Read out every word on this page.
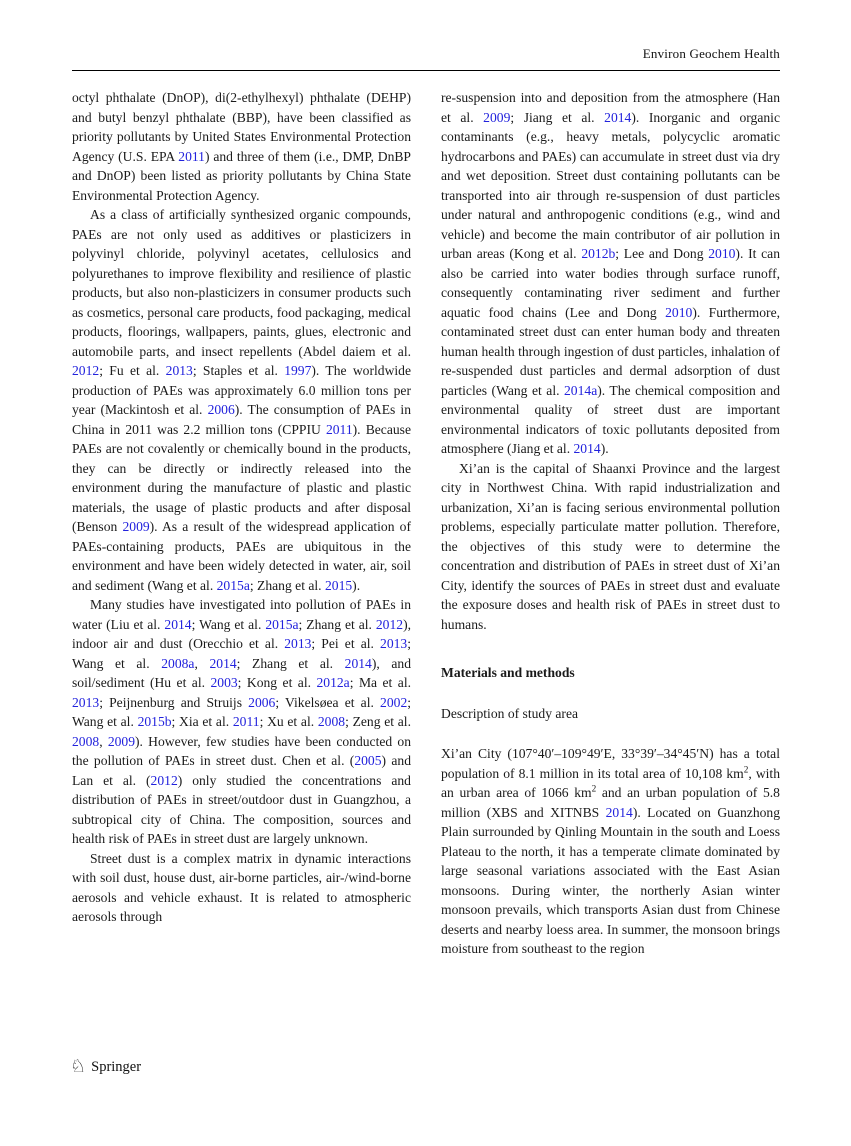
Environ Geochem Health

octyl phthalate (DnOP), di(2-ethylhexyl) phthalate (DEHP) and butyl benzyl phthalate (BBP), have been classified as priority pollutants by United States Environmental Protection Agency (U.S. EPA 2011) and three of them (i.e., DMP, DnBP and DnOP) been listed as priority pollutants by China State Environmental Protection Agency.

As a class of artificially synthesized organic compounds, PAEs are not only used as additives or plasticizers in polyvinyl chloride, polyvinyl acetates, cellulosics and polyurethanes to improve flexibility and resilience of plastic products, but also non-plasticizers in consumer products such as cosmetics, personal care products, food packaging, medical products, floorings, wallpapers, paints, glues, electronic and automobile parts, and insect repellents (Abdel daiem et al. 2012; Fu et al. 2013; Staples et al. 1997). The worldwide production of PAEs was approximately 6.0 million tons per year (Mackintosh et al. 2006). The consumption of PAEs in China in 2011 was 2.2 million tons (CPPIU 2011). Because PAEs are not covalently or chemically bound in the products, they can be directly or indirectly released into the environment during the manufacture of plastic and plastic materials, the usage of plastic products and after disposal (Benson 2009). As a result of the widespread application of PAEs-containing products, PAEs are ubiquitous in the environment and have been widely detected in water, air, soil and sediment (Wang et al. 2015a; Zhang et al. 2015).

Many studies have investigated into pollution of PAEs in water (Liu et al. 2014; Wang et al. 2015a; Zhang et al. 2012), indoor air and dust (Orecchio et al. 2013; Pei et al. 2013; Wang et al. 2008a, 2014; Zhang et al. 2014), and soil/sediment (Hu et al. 2003; Kong et al. 2012a; Ma et al. 2013; Peijnenburg and Struijs 2006; Vikelsøea et al. 2002; Wang et al. 2015b; Xia et al. 2011; Xu et al. 2008; Zeng et al. 2008, 2009). However, few studies have been conducted on the pollution of PAEs in street dust. Chen et al. (2005) and Lan et al. (2012) only studied the concentrations and distribution of PAEs in street/outdoor dust in Guangzhou, a subtropical city of China. The composition, sources and health risk of PAEs in street dust are largely unknown.

Street dust is a complex matrix in dynamic interactions with soil dust, house dust, air-borne particles, air-/wind-borne aerosols and vehicle exhaust. It is related to atmospheric aerosols through

re-suspension into and deposition from the atmosphere (Han et al. 2009; Jiang et al. 2014). Inorganic and organic contaminants (e.g., heavy metals, polycyclic aromatic hydrocarbons and PAEs) can accumulate in street dust via dry and wet deposition. Street dust containing pollutants can be transported into air through re-suspension of dust particles under natural and anthropogenic conditions (e.g., wind and vehicle) and become the main contributor of air pollution in urban areas (Kong et al. 2012b; Lee and Dong 2010). It can also be carried into water bodies through surface runoff, consequently contaminating river sediment and further aquatic food chains (Lee and Dong 2010). Furthermore, contaminated street dust can enter human body and threaten human health through ingestion of dust particles, inhalation of re-suspended dust particles and dermal adsorption of dust particles (Wang et al. 2014a). The chemical composition and environmental quality of street dust are important environmental indicators of toxic pollutants deposited from atmosphere (Jiang et al. 2014).

Xi’an is the capital of Shaanxi Province and the largest city in Northwest China. With rapid industrialization and urbanization, Xi’an is facing serious environmental pollution problems, especially particulate matter pollution. Therefore, the objectives of this study were to determine the concentration and distribution of PAEs in street dust of Xi’an City, identify the sources of PAEs in street dust and evaluate the exposure doses and health risk of PAEs in street dust to humans.

Materials and methods
Description of study area

Xi’an City (107°40′–109°49′E, 33°39′–34°45′N) has a total population of 8.1 million in its total area of 10,108 $km^2$, with an urban area of 1066 $km^2$ and an urban population of 5.8 million (XBS and XITNBS 2014). Located on Guanzhong Plain surrounded by Qinling Mountain in the south and Loess Plateau to the north, it has a temperate climate dominated by large seasonal variations associated with the East Asian monsoons. During winter, the northerly Asian winter monsoon prevails, which transports Asian dust from Chinese deserts and nearby loess area. In summer, the monsoon brings moisture from southeast to the region

♘ Springer
